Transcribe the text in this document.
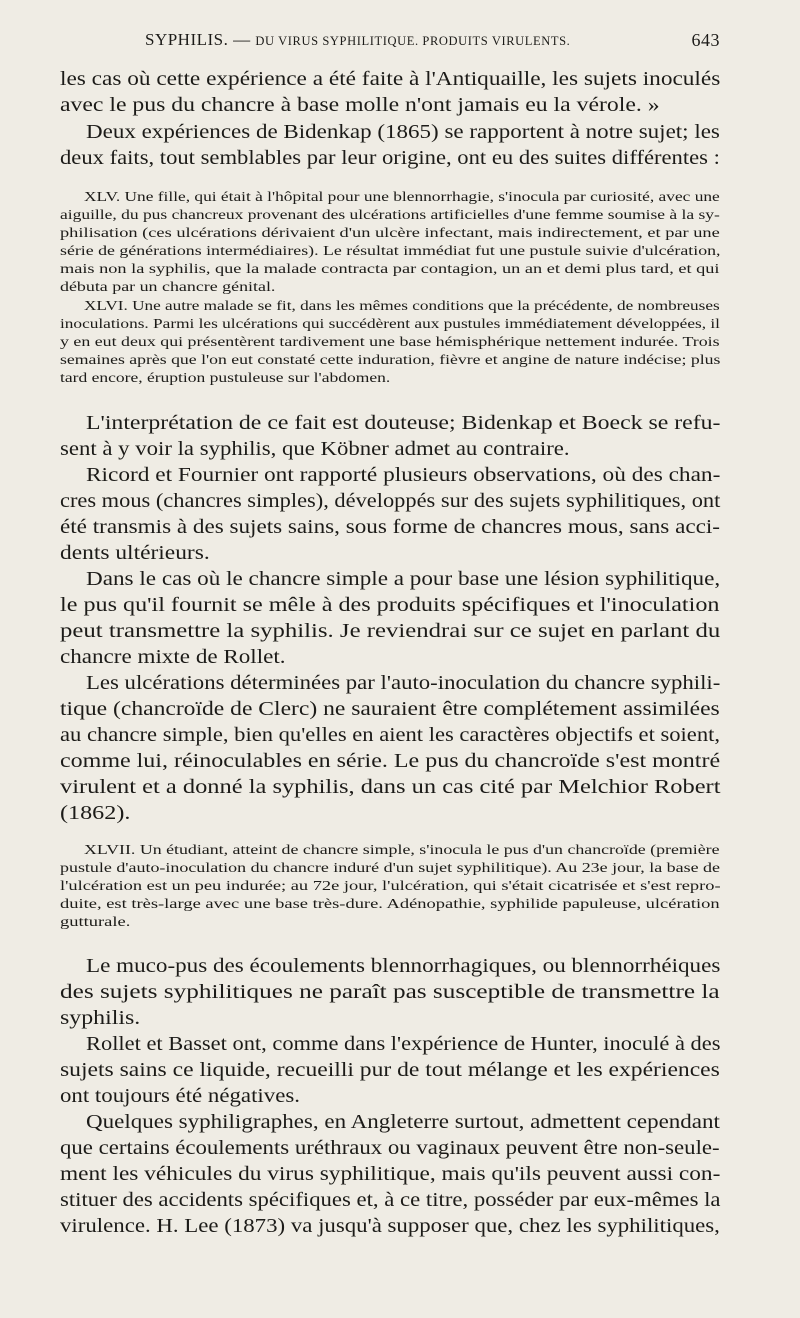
SYPHILIS. — DU VIRUS SYPHILITIQUE. PRODUITS VIRULENTS.	643
les cas où cette expérience a été faite à l'Antiquaille, les sujets inoculés
avec le pus du chancre à base molle n'ont jamais eu la vérole. »
Deux expériences de Bidenkap (1865) se rapportent à notre sujet; les
deux faits, tout semblables par leur origine, ont eu des suites différentes :
XLV. Une fille, qui était à l'hôpital pour une blennorrhagie, s'inocula par curiosité, avec une
aiguille, du pus chancreux provenant des ulcérations artificielles d'une femme soumise à la sy-
philisation (ces ulcérations dérivaient d'un ulcère infectant, mais indirectement, et par une
série de générations intermédiaires). Le résultat immédiat fut une pustule suivie d'ulcération,
mais non la syphilis, que la malade contracta par contagion, un an et demi plus tard, et qui
débuta par un chancre génital.
XLVI. Une autre malade se fit, dans les mêmes conditions que la précédente, de nombreuses
inoculations. Parmi les ulcérations qui succédèrent aux pustules immédiatement développées, il
y en eut deux qui présentèrent tardivement une base hémisphérique nettement indurée. Trois
semaines après que l'on eut constaté cette induration, fièvre et angine de nature indécise; plus
tard encore, éruption pustuleuse sur l'abdomen.
L'interprétation de ce fait est douteuse; Bidenkap et Boeck se refu-
sent à y voir la syphilis, que Köbner admet au contraire.
Ricord et Fournier ont rapporté plusieurs observations, où des chan-
cres mous (chancres simples), développés sur des sujets syphilitiques, ont
été transmis à des sujets sains, sous forme de chancres mous, sans acci-
dents ultérieurs.
Dans le cas où le chancre simple a pour base une lésion syphilitique,
le pus qu'il fournit se mêle à des produits spécifiques et l'inoculation
peut transmettre la syphilis. Je reviendrai sur ce sujet en parlant du
chancre mixte de Rollet.
Les ulcérations déterminées par l'auto-inoculation du chancre syphili-
tique (chancroïde de Clerc) ne sauraient être complétement assimilées
au chancre simple, bien qu'elles en aient les caractères objectifs et soient,
comme lui, réinoculables en série. Le pus du chancroïde s'est montré
virulent et a donné la syphilis, dans un cas cité par Melchior Robert
(1862).
XLVII. Un étudiant, atteint de chancre simple, s'inocula le pus d'un chancroïde (première
pustule d'auto-inoculation du chancre induré d'un sujet syphilitique). Au 23e jour, la base de
l'ulcération est un peu indurée; au 72e jour, l'ulcération, qui s'était cicatrisée et s'est repro-
duite, est très-large avec une base très-dure. Adénopathie, syphilide papuleuse, ulcération
gutturale.
Le muco-pus des écoulements blennorrhagiques, ou blennorrhéiques
des sujets syphilitiques ne paraît pas susceptible de transmettre la
syphilis.
Rollet et Basset ont, comme dans l'expérience de Hunter, inoculé à des
sujets sains ce liquide, recueilli pur de tout mélange et les expériences
ont toujours été négatives.
Quelques syphiligraphes, en Angleterre surtout, admettent cependant
que certains écoulements uréthraux ou vaginaux peuvent être non-seule-
ment les véhicules du virus syphilitique, mais qu'ils peuvent aussi con-
stituer des accidents spécifiques et, à ce titre, posséder par eux-mêmes la
virulence. H. Lee (1873) va jusqu'à supposer que, chez les syphilitiques,
